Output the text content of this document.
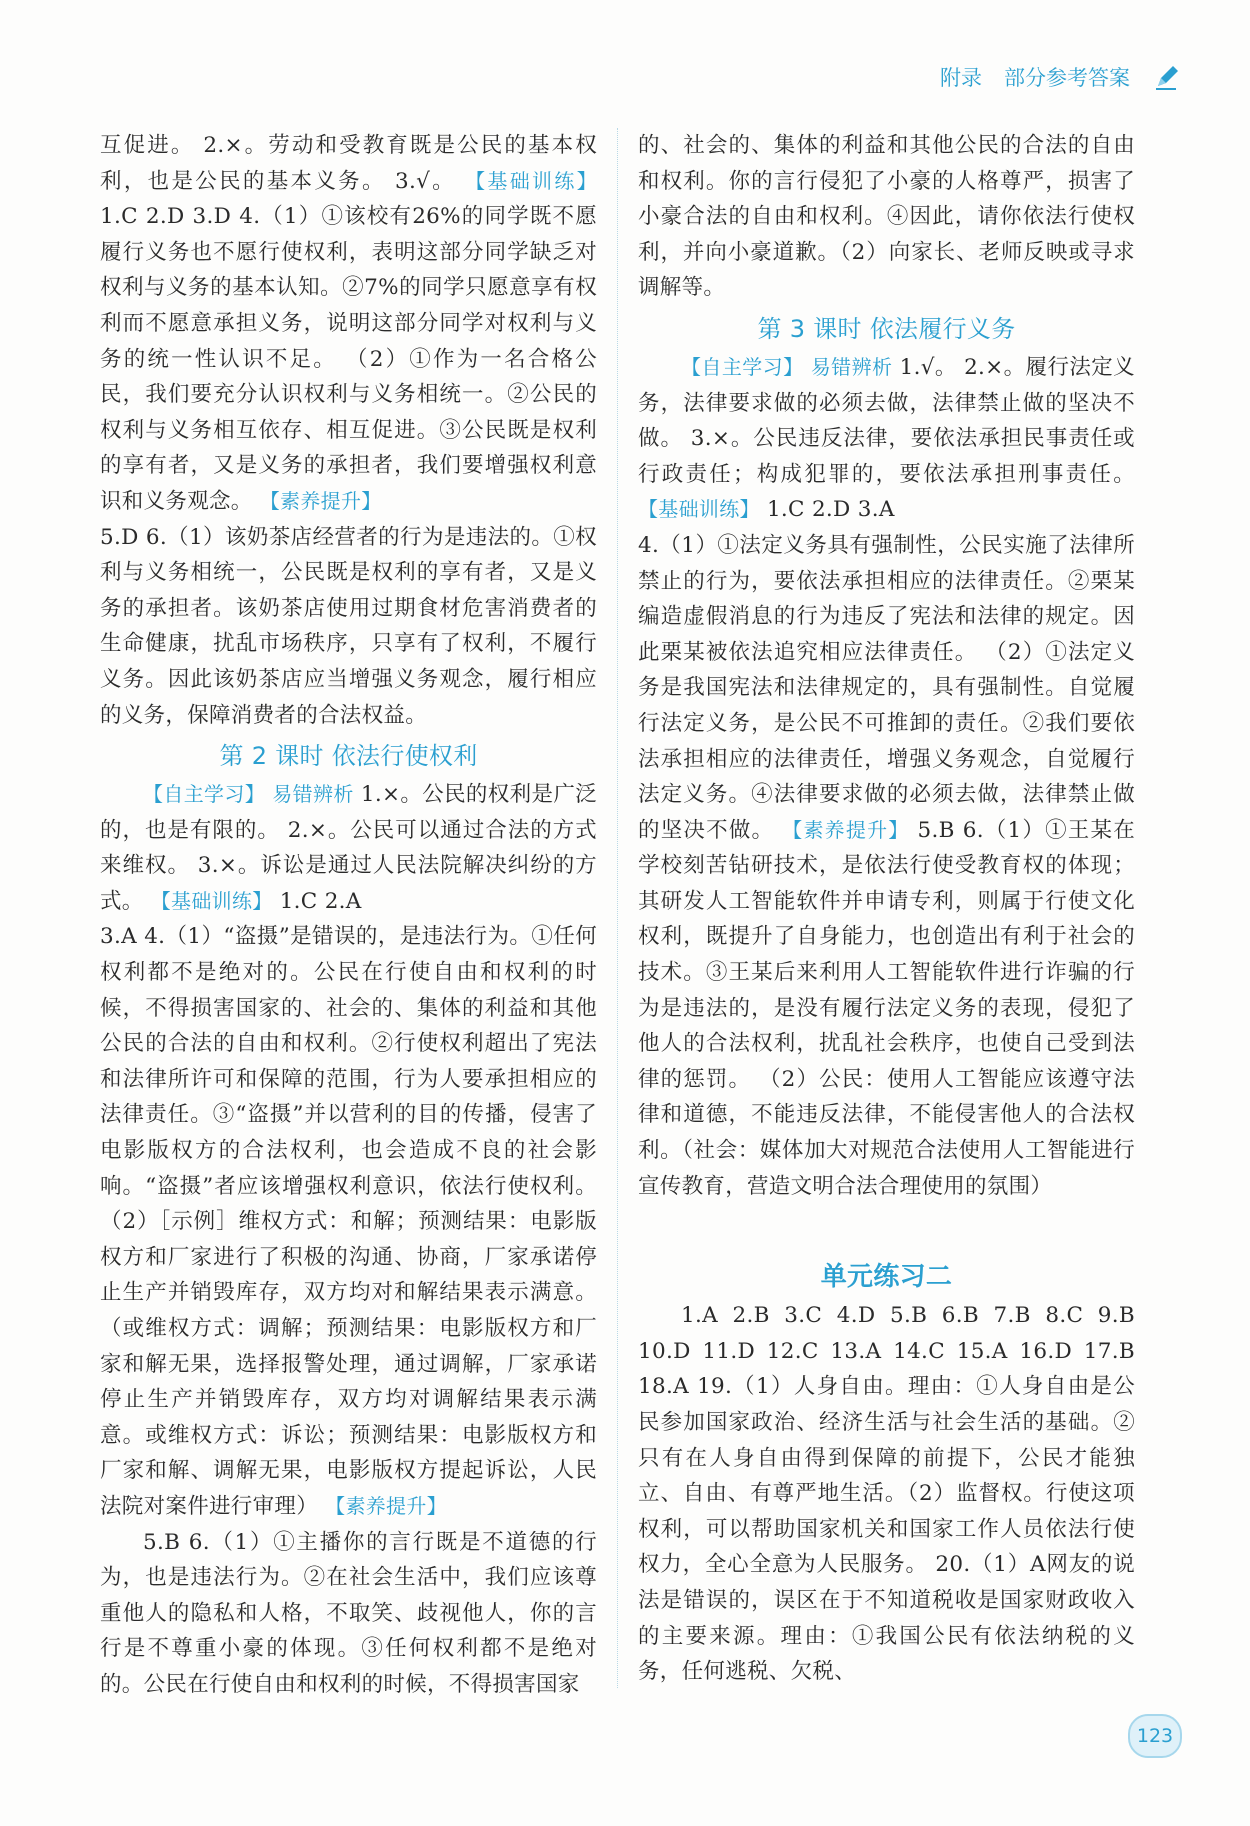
附录 部分参考答案

互促进。 2.×。劳动和受教育既是公民的基本权利，也是公民的基本义务。 3.√。 【基础训练】 1.C 2.D 3.D 4.（1）①该校有26%的同学既不愿履行义务也不愿行使权利，表明这部分同学缺乏对权利与义务的基本认知。②7%的同学只愿意享有权利而不愿意承担义务，说明这部分同学对权利与义务的统一性认识不足。 （2）①作为一名合格公民，我们要充分认识权利与义务相统一。②公民的权利与义务相互依存、相互促进。③公民既是权利的享有者，又是义务的承担者，我们要增强权利意识和义务观念。 【素养提升】

5.D 6.（1）该奶茶店经营者的行为是违法的。①权利与义务相统一，公民既是权利的享有者，又是义务的承担者。该奶茶店使用过期食材危害消费者的生命健康，扰乱市场秩序，只享有了权利，不履行义务。因此该奶茶店应当增强义务观念，履行相应的义务，保障消费者的合法权益。

第 2 课时 依法行使权利

【自主学习】 易错辨析 1.×。公民的权利是广泛的，也是有限的。 2.×。公民可以通过合法的方式来维权。 3.×。诉讼是通过人民法院解决纠纷的方式。 【基础训练】 1.C 2.A

3.A 4.（1）“盗摄”是错误的，是违法行为。①任何权利都不是绝对的。公民在行使自由和权利的时候，不得损害国家的、社会的、集体的利益和其他公民的合法的自由和权利。②行使权利超出了宪法和法律所许可和保障的范围，行为人要承担相应的法律责任。③“盗摄”并以营利的目的传播，侵害了电影版权方的合法权利，也会造成不良的社会影响。“盗摄”者应该增强权利意识，依法行使权利。 （2）［示例］维权方式：和解；预测结果：电影版权方和厂家进行了积极的沟通、协商，厂家承诺停止生产并销毁库存，双方均对和解结果表示满意。（或维权方式：调解；预测结果：电影版权方和厂家和解无果，选择报警处理，通过调解，厂家承诺停止生产并销毁库存，双方均对调解结果表示满意。或维权方式：诉讼；预测结果：电影版权方和厂家和解、调解无果，电影版权方提起诉讼，人民法院对案件进行审理） 【素养提升】

5.B 6.（1）①主播你的言行既是不道德的行为，也是违法行为。②在社会生活中，我们应该尊重他人的隐私和人格，不取笑、歧视他人，你的言行是不尊重小豪的体现。③任何权利都不是绝对的。公民在行使自由和权利的时候，不得损害国家

的、社会的、集体的利益和其他公民的合法的自由和权利。你的言行侵犯了小豪的人格尊严，损害了小豪合法的自由和权利。④因此，请你依法行使权利，并向小豪道歉。（2）向家长、老师反映或寻求调解等。

第 3 课时 依法履行义务

【自主学习】 易错辨析 1.√。 2.×。履行法定义务，法律要求做的必须去做，法律禁止做的坚决不做。 3.×。公民违反法律，要依法承担民事责任或行政责任；构成犯罪的，要依法承担刑事责任。 【基础训练】 1.C 2.D 3.A

4.（1）①法定义务具有强制性，公民实施了法律所禁止的行为，要依法承担相应的法律责任。②栗某编造虚假消息的行为违反了宪法和法律的规定。因此栗某被依法追究相应法律责任。 （2）①法定义务是我国宪法和法律规定的，具有强制性。自觉履行法定义务，是公民不可推卸的责任。②我们要依法承担相应的法律责任，增强义务观念，自觉履行法定义务。④法律要求做的必须去做，法律禁止做的坚决不做。 【素养提升】 5.B 6.（1）①王某在学校刻苦钻研技术，是依法行使受教育权的体现；其研发人工智能软件并申请专利，则属于行使文化权利，既提升了自身能力，也创造出有利于社会的技术。③王某后来利用人工智能软件进行诈骗的行为是违法的，是没有履行法定义务的表现，侵犯了他人的合法权利，扰乱社会秩序，也使自己受到法律的惩罚。 （2）公民：使用人工智能应该遵守法律和道德，不能违反法律，不能侵害他人的合法权利。（社会：媒体加大对规范合法使用人工智能进行宣传教育，营造文明合法合理使用的氛围）

单元练习二

1.A 2.B 3.C 4.D 5.B 6.B 7.B 8.C 9.B 10.D 11.D 12.C 13.A 14.C 15.A 16.D 17.B 18.A 19.（1）人身自由。理由：①人身自由是公民参加国家政治、经济生活与社会生活的基础。②只有在人身自由得到保障的前提下，公民才能独立、自由、有尊严地生活。（2）监督权。行使这项权利，可以帮助国家机关和国家工作人员依法行使权力，全心全意为人民服务。 20.（1）A网友的说法是错误的，误区在于不知道税收是国家财政收入的主要来源。理由：①我国公民有依法纳税的义务，任何逃税、欠税、

123
